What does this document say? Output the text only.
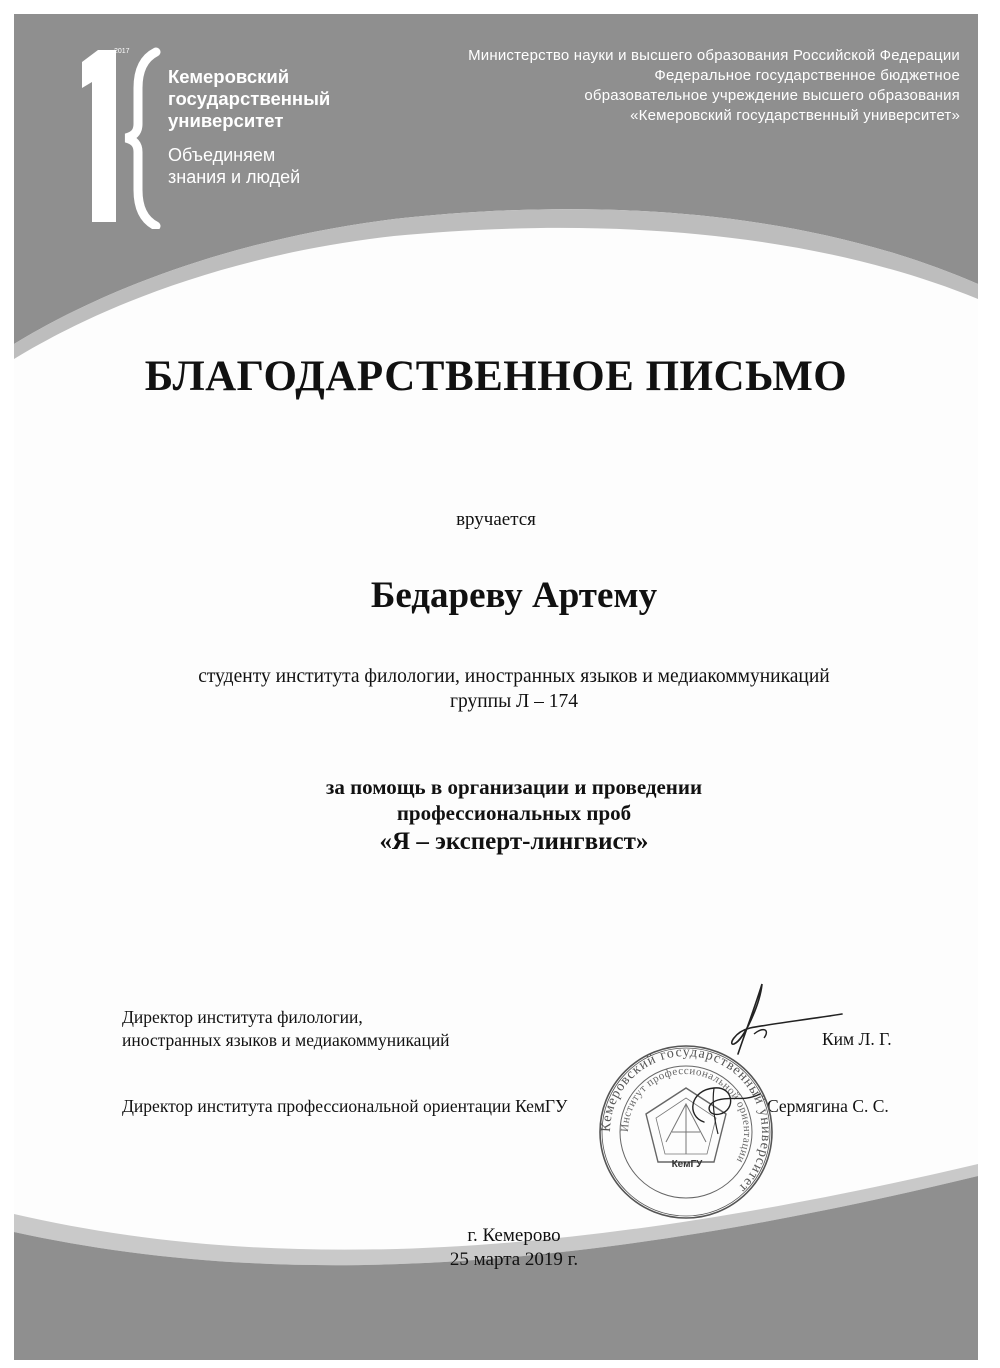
2017
Кемеровский
государственный
университет
Объединяем
знания и людей
Министерство науки и высшего образования Российской Федерации
Федеральное государственное бюджетное
образовательное учреждение высшего образования
«Кемеровский государственный университет»
БЛАГОДАРСТВЕННОЕ ПИСЬМО
вручается
Бедареву Артему
студенту института филологии, иностранных языков и медиакоммуникаций
группы Л – 174
за помощь в организации и проведении
профессиональных проб
«Я – эксперт-лингвист»
Директор института филологии,
иностранных языков и медиакоммуникаций	Ким Л. Г.
Директор института профессиональной ориентации КемГУ	Сермягина С. С.
Кемеровский государственный университет
Институт профессиональной ориентации
КемГУ
г. Кемерово
25 марта 2019 г.
